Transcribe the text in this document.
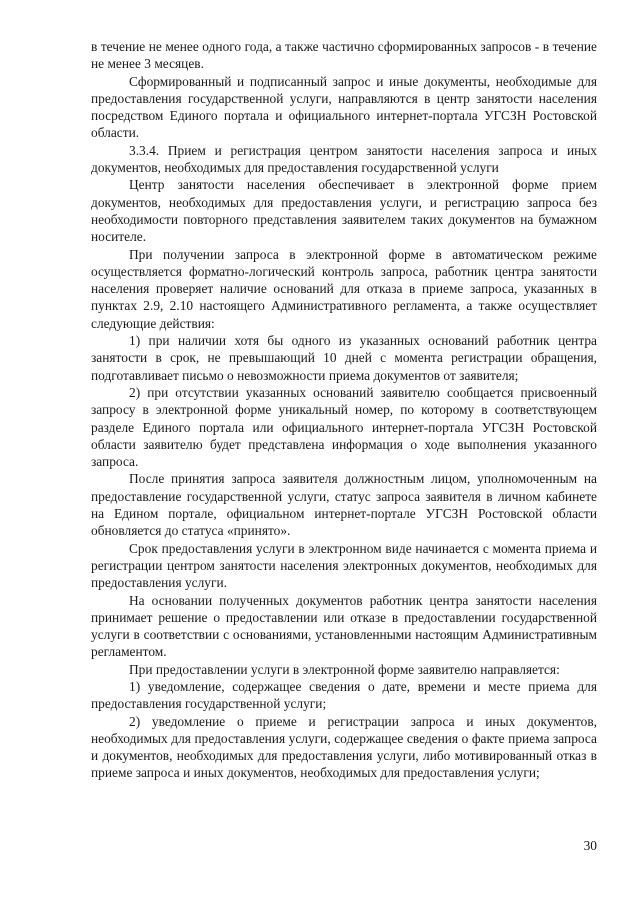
в течение не менее одного года, а также частично сформированных запросов - в течение не менее 3 месяцев.

Сформированный и подписанный запрос и иные документы, необходимые для предоставления государственной услуги, направляются в центр занятости населения посредством Единого портала и официального интернет-портала УГСЗН Ростовской области.

3.3.4. Прием и регистрация центром занятости населения запроса и иных документов, необходимых для предоставления государственной услуги

Центр занятости населения обеспечивает в электронной форме прием документов, необходимых для предоставления услуги, и регистрацию запроса без необходимости повторного представления заявителем таких документов на бумажном носителе.

При получении запроса в электронной форме в автоматическом режиме осуществляется форматно-логический контроль запроса, работник центра занятости населения проверяет наличие оснований для отказа в приеме запроса, указанных в пунктах 2.9, 2.10 настоящего Административного регламента, а также осуществляет следующие действия:

1) при наличии хотя бы одного из указанных оснований работник центра занятости в срок, не превышающий 10 дней с момента регистрации обращения, подготавливает письмо о невозможности приема документов от заявителя;

2) при отсутствии указанных оснований заявителю сообщается присвоенный запросу в электронной форме уникальный номер, по которому в соответствующем разделе Единого портала или официального интернет-портала УГСЗН Ростовской области заявителю будет представлена информация о ходе выполнения указанного запроса.

После принятия запроса заявителя должностным лицом, уполномоченным на предоставление государственной услуги, статус запроса заявителя в личном кабинете на Едином портале, официальном интернет-портале УГСЗН Ростовской области обновляется до статуса «принято».

Срок предоставления услуги в электронном виде начинается с момента приема и регистрации центром занятости населения электронных документов, необходимых для предоставления услуги.

На основании полученных документов работник центра занятости населения принимает решение о предоставлении или отказе в предоставлении государственной услуги в соответствии с основаниями, установленными настоящим Административным регламентом.

При предоставлении услуги в электронной форме заявителю направляется:

1) уведомление, содержащее сведения о дате, времени и месте приема для предоставления государственной услуги;

2) уведомление о приеме и регистрации запроса и иных документов, необходимых для предоставления услуги, содержащее сведения о факте приема запроса и документов, необходимых для предоставления услуги, либо мотивированный отказ в приеме запроса и иных документов, необходимых для предоставления услуги;

30
